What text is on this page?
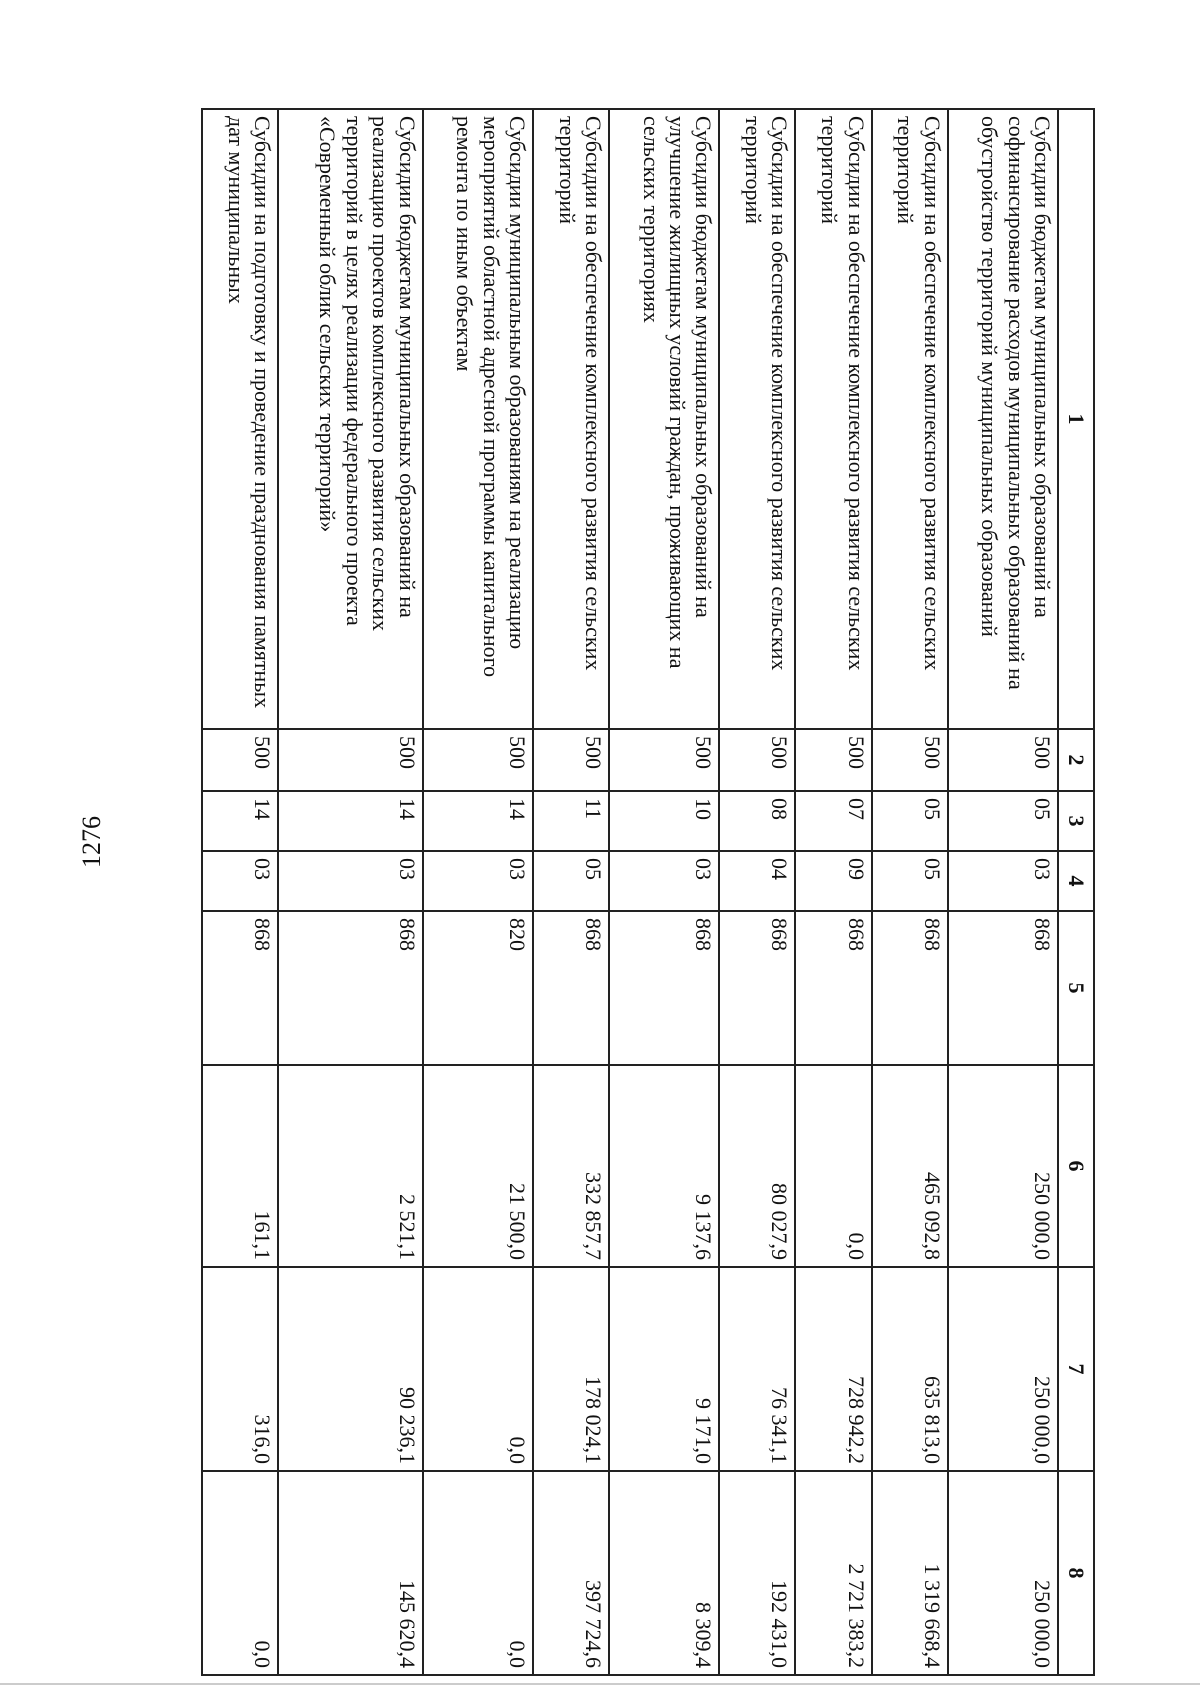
1276
1	2	3	4	5	6	7	8
Субсидии бюджетам муниципальных образований на софинансирование расходов муниципальных образований на обустройство территорий муниципальных образований	500	05	03	868	250 000,0	250 000,0	250 000,0
Субсидии на обеспечение комплексного развития сельских территорий	500	05	05	868	465 092,8	635 813,0	1 319 668,4
Субсидии на обеспечение комплексного развития сельских территорий	500	07	09	868	0,0	728 942,2	2 721 383,2
Субсидии на обеспечение комплексного развития сельских территорий	500	08	04	868	80 027,9	76 341,1	192 431,0
Субсидии бюджетам муниципальных образований на улучшение жилищных условий граждан, проживающих на сельских территориях	500	10	03	868	9 137,6	9 171,0	8 309,4
Субсидии на обеспечение комплексного развития сельских территорий	500	11	05	868	332 857,7	178 024,1	397 724,6
Субсидии муниципальным образованиям на реализацию мероприятий областной адресной программы капитального ремонта по иным объектам	500	14	03	820	21 500,0	0,0	0,0
Субсидии бюджетам муниципальных образований на реализацию проектов комплексного развития сельских территорий в целях реализации федерального проекта «Современный облик сельских территорий»	500	14	03	868	2 521,1	90 236,1	145 620,4
Субсидии на подготовку и проведение празднования памятных дат муниципальных	500	14	03	868	161,1	316,0	0,0
